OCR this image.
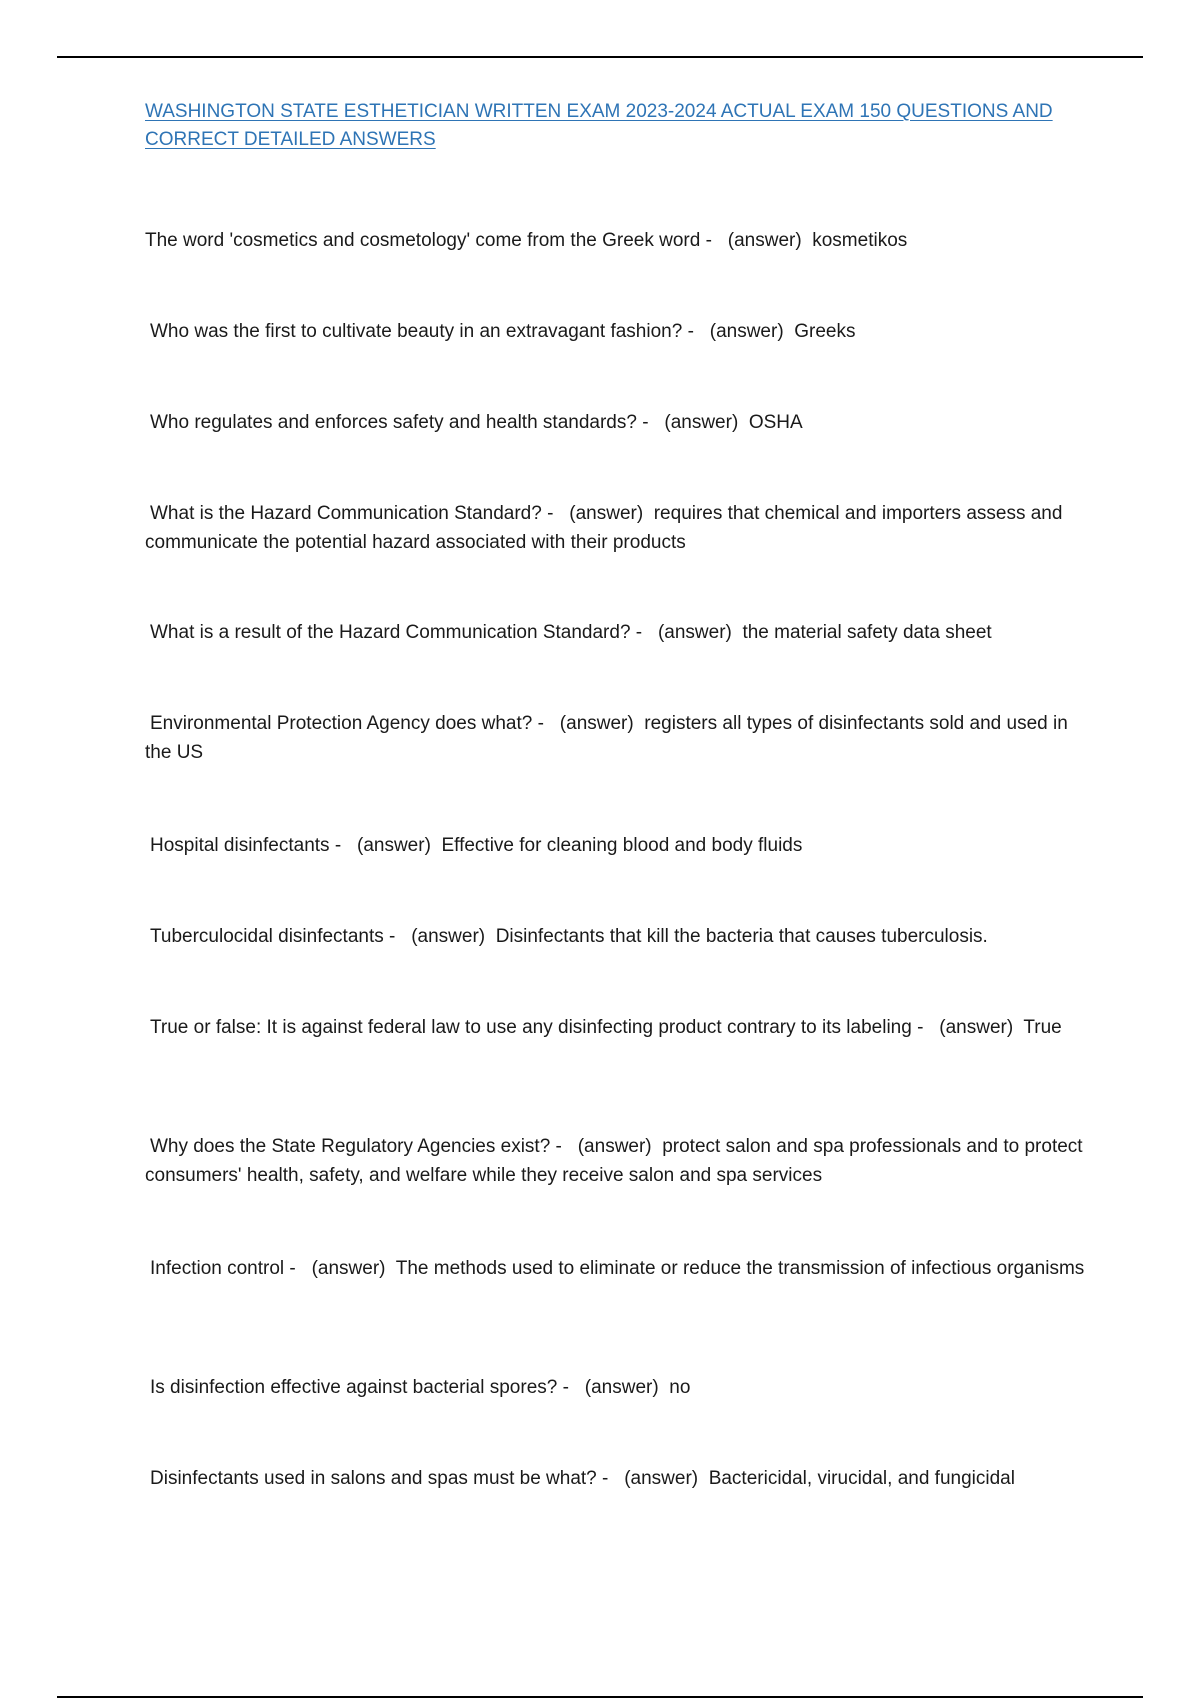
WASHINGTON STATE ESTHETICIAN WRITTEN EXAM 2023-2024 ACTUAL EXAM 150 QUESTIONS AND CORRECT DETAILED ANSWERS
The word 'cosmetics and cosmetology' come from the Greek word -   (answer) kosmetikos
Who was the first to cultivate beauty in an extravagant fashion? -   (answer) Greeks
Who regulates and enforces safety and health standards? -   (answer) OSHA
What is the Hazard Communication Standard? -   (answer) requires that chemical and importers assess and communicate the potential hazard associated with their products
What is a result of the Hazard Communication Standard? -   (answer) the material safety data sheet
Environmental Protection Agency does what? -   (answer) registers all types of disinfectants sold and used in the US
Hospital disinfectants -   (answer) Effective for cleaning blood and body fluids
Tuberculocidal disinfectants -   (answer) Disinfectants that kill the bacteria that causes tuberculosis.
True or false: It is against federal law to use any disinfecting product contrary to its labeling -   (answer) True
Why does the State Regulatory Agencies exist? -   (answer) protect salon and spa professionals and to protect consumers' health, safety, and welfare while they receive salon and spa services
Infection control -   (answer) The methods used to eliminate or reduce the transmission of infectious organisms
Is disinfection effective against bacterial spores? -   (answer) no
Disinfectants used in salons and spas must be what? -   (answer) Bactericidal, virucidal, and fungicidal
